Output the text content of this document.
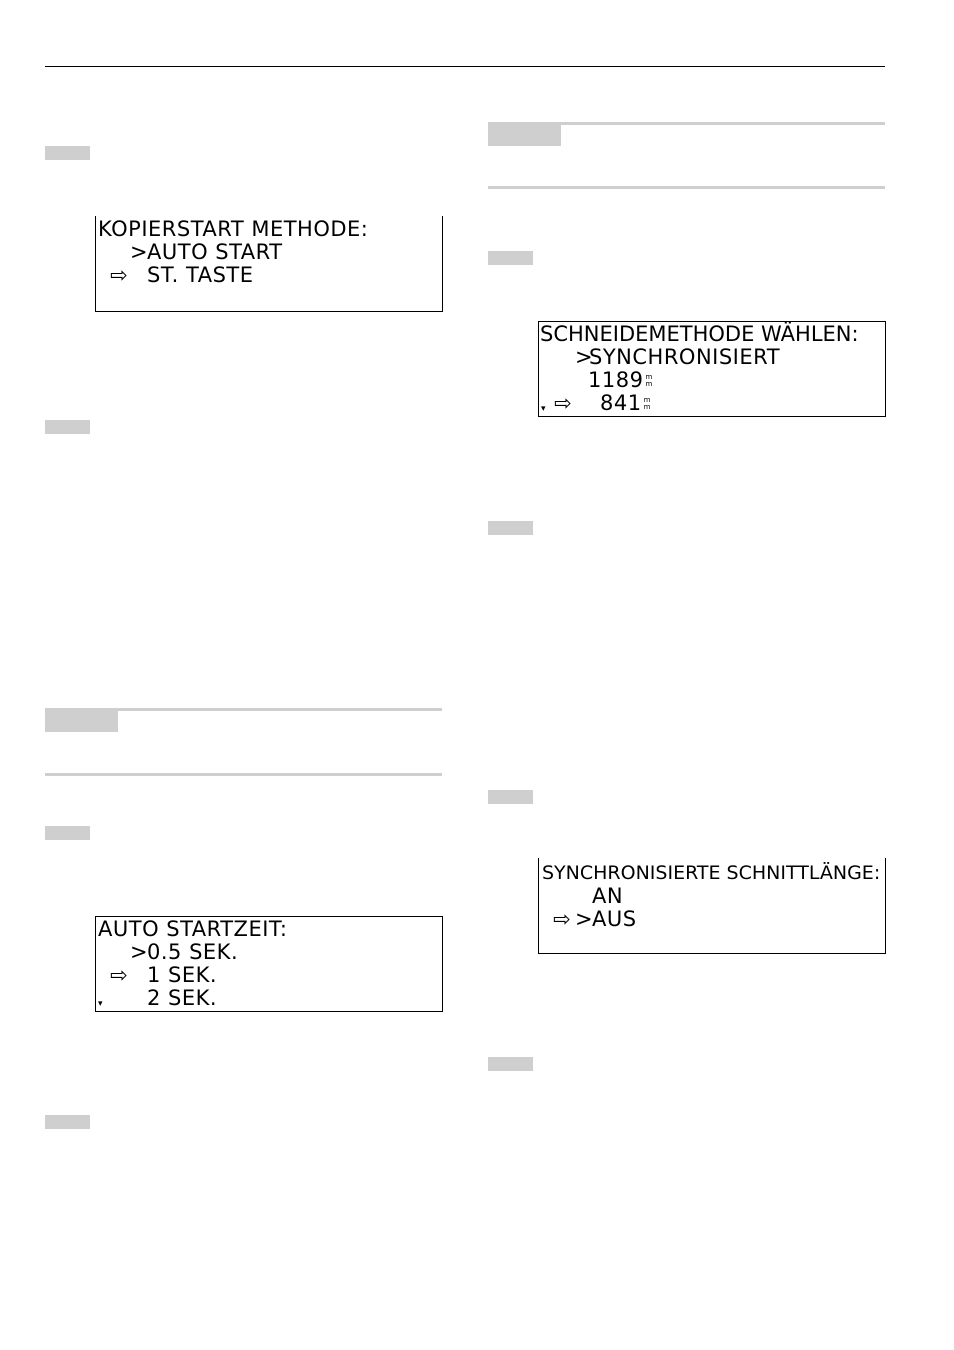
KOPIERSTART METHODE:
>
AUTO START
⇨ ST. TASTE
AUTO STARTZEIT:
>
0.5 SEK.
⇨ 1 SEK.
2 SEK.
▾
SCHNEIDEMETHODE WÄHLEN:
>
SYNCHRONISIERT
1189 m
m
⇨ 841 m
m
▾
SYNCHRONISIERTE SCHNITTLÄNGE:
AN
⇨ >
AUS
